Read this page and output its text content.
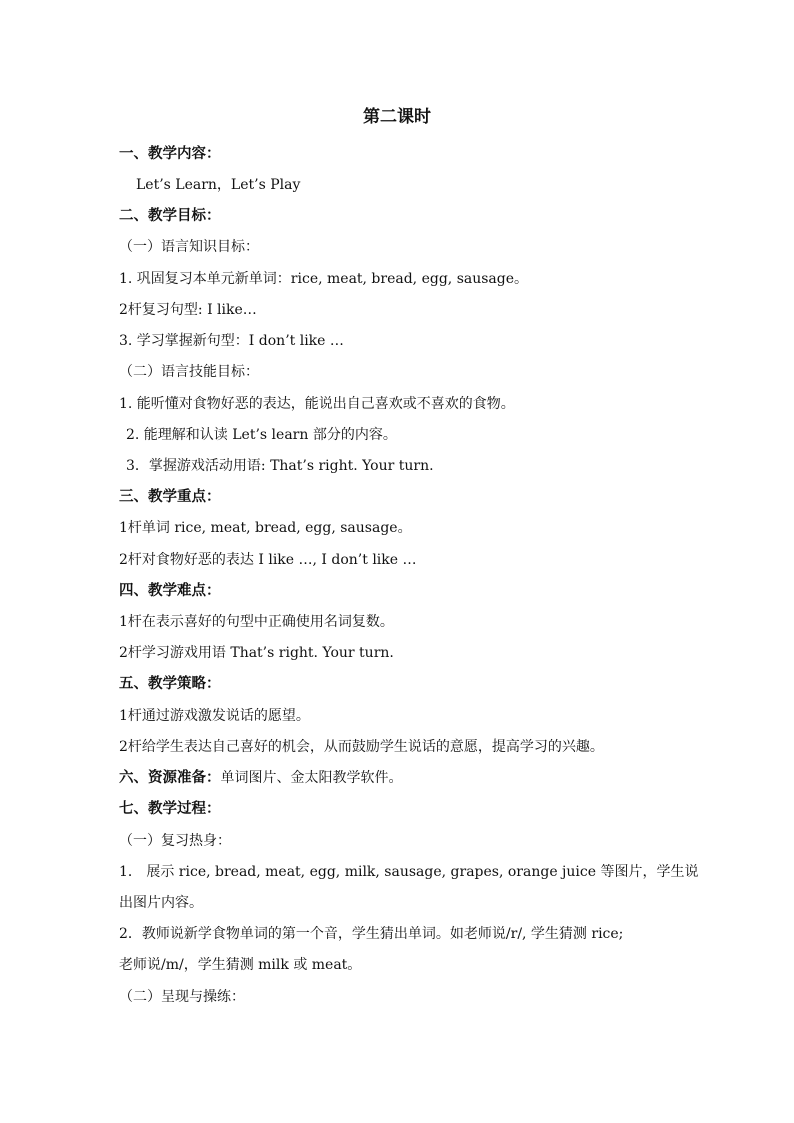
第二课时
一、教学内容：
Let’s Learn，Let’s Play
二、教学目标：
（一）语言知识目标：
1. 巩固复习本单元新单词：rice, meat, bread, egg, sausage。
2杆复习句型: I like…
3. 学习掌握新句型：I don’t like …
（二）语言技能目标：
1. 能听懂对食物好恶的表达，能说出自己喜欢或不喜欢的食物。
2. 能理解和认读 Let’s learn 部分的内容。
3．掌握游戏活动用语: That’s right. Your turn.
三、教学重点：
1杆单词 rice, meat, bread, egg, sausage。
2杆对食物好恶的表达 I like …, I don’t like …
四、教学难点：
1杆在表示喜好的句型中正确使用名词复数。
2杆学习游戏用语 That’s right. Your turn.
五、教学策略：
1杆通过游戏激发说话的愿望。
2杆给学生表达自己喜好的机会，从而鼓励学生说话的意愿，提高学习的兴趣。
六、资源准备：单词图片、金太阳教学软件。
七、教学过程：
（一）复习热身：
1． 展示 rice, bread, meat, egg, milk, sausage, grapes, orange juice 等图片，学生说
出图片内容。
2．教师说新学食物单词的第一个音，学生猜出单词。如老师说/r/, 学生猜测 rice;
老师说/m/，学生猜测 milk 或 meat。
（二）呈现与操练：
